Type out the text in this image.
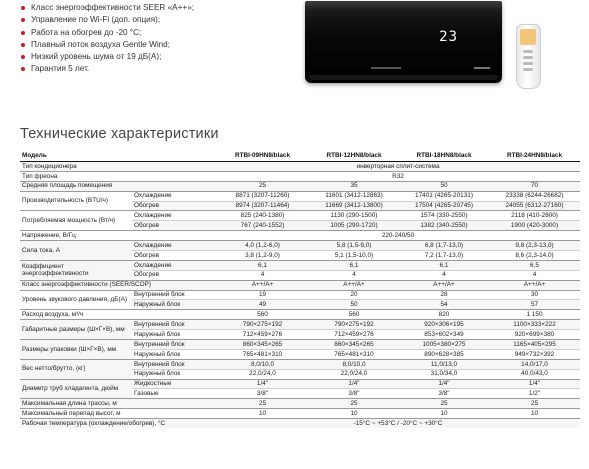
Класс энергоэффективности SEER «A++»;
Управление по Wi-Fi (доп. опция);
Работа на обогрев до -20 °С;
Плавный поток воздуха Gentle Wind;
Низкий уровень шума от 19 дБ(А);
Гарантия 5 лет.
23
Технические характеристики
Модель		RTBI-09HN8/black	RTBI-12HN8/black	RTBI-18HN8/black	RTBI-24HN8/black
Тип кондиционера		инверторная сплит-система			
Тип фреона		R32			
Средняя площадь помещения		25	35	50	70
Производительность (BTU/ч)	Охлаждение	8871 (3207-11260)	11601 (3412-12863)	17401 (4265-20131)	23338 (6244-26682)
	Обогрев	8974 (3207-11464)	11669 (3412-13800)	17504 (4265-20745)	24055 (6312-27160)
Потребляемая мощность (Вт/ч)	Охлаждение	825 (240-1380)	1130 (290-1500)	1574 (330-2550)	2118 (410-2800)
	Обогрев	767 (240-1552)	1005 (290-1720)	1382 (340-2550)	1900 (420-3000)
Напряжение, В/Гц		220-240/50			
Сила тока, А	Охлаждение	4,0 (1,2-6,0)	5,8 (1,5-9,0)	6,8 (1,7-13,0)	9,8 (2,3-13,0)
	Обогрев	3,8 (1,2-9,0)	5,1 (1,5-10,0)	7,2 (1,7-13,0)	8,6 (2,3-14,0)
Коэффициент энергоэффективности	Охлаждение	6,1	6,1	6,1	6,5
	Обогрев	4	4	4	4
Класс энергоэффективности (SEER/SCOP)		A++/A+	A++/A+	A++/A+	A++/A+
Уровень звукового давления, дБ(А)	Внутренний блок	19	20	28	30
	Наружный блок	49	50	54	57
Расход воздуха, м³/ч		560	560	820	1 150
Габаритные размеры (Ш×Г×В), мм	Внутренний блок	790×275×192	790×275×192	920×306×195	1100×333×222
	Наружный блок	712×459×276	712×459×276	853×602×349	920×699×380
Размеры упаковки (Ш×Г×В), мм	Внутренний блок	860×345×265	860×345×265	1005×380×275	1165×405×295
	Наружный блок	765×481×310	765×481×310	890×628×385	949×732×392
Вес нетто/брутто, (кг)	Внутренний блок	8,0/10,0	8,0/10,0	11,0/13,0	14,0/17,0
	Наружный блок	22,0/24,0	22,0/24,0	31,0/34,0	40,0/43,0
Диаметр труб хладагента, дюйм	Жидкостные	1/4"	1/4"	1/4"	1/4"
	Газовые	3/8"	3/8"	3/8"	1/2"
Максимальная длина трассы, м		25	25	25	25
Максимальный перепад высот, м		10	10	10	10
Рабочая температура (охлаждение/обогрев), °С		-15°С ~ +53°С / -20°С ~ +30°С			
